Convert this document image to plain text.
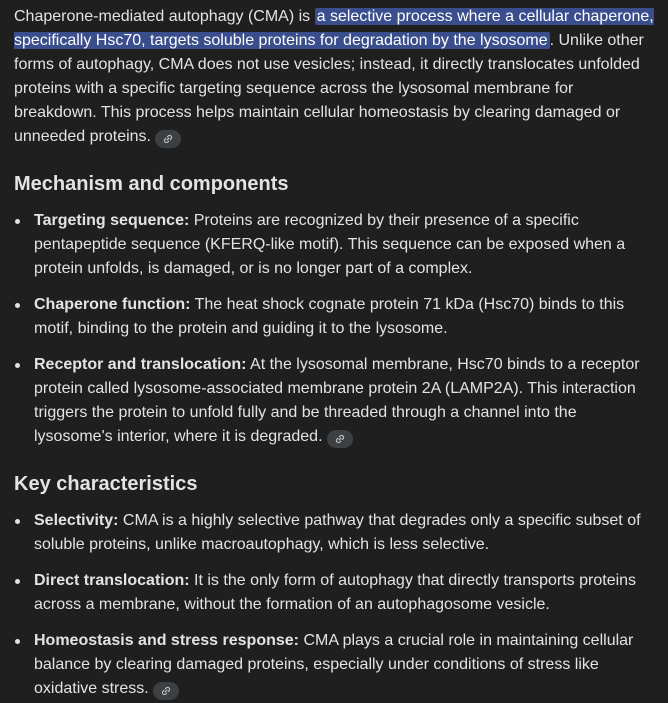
Chaperone-mediated autophagy (CMA) is a selective process where a cellular chaperone, specifically Hsc70, targets soluble proteins for degradation by the lysosome . Unlike other forms of autophagy, CMA does not use vesicles; instead, it directly translocates unfolded proteins with a specific targeting sequence across the lysosomal membrane for breakdown. This process helps maintain cellular homeostasis by clearing damaged or unneeded proteins.

Mechanism and components
Targeting sequence: Proteins are recognized by their presence of a specific pentapeptide sequence (KFERQ-like motif). This sequence can be exposed when a protein unfolds, is damaged, or is no longer part of a complex.
Chaperone function: The heat shock cognate protein 71 kDa (Hsc70) binds to this motif, binding to the protein and guiding it to the lysosome.
Receptor and translocation: At the lysosomal membrane, Hsc70 binds to a receptor protein called lysosome-associated membrane protein 2A (LAMP2A). This interaction triggers the protein to unfold fully and be threaded through a channel into the lysosome's interior, where it is degraded.
Key characteristics
Selectivity: CMA is a highly selective pathway that degrades only a specific subset of soluble proteins, unlike macroautophagy, which is less selective.
Direct translocation: It is the only form of autophagy that directly transports proteins across a membrane, without the formation of an autophagosome vesicle.
Homeostasis and stress response: CMA plays a crucial role in maintaining cellular balance by clearing damaged proteins, especially under conditions of stress like oxidative stress.
